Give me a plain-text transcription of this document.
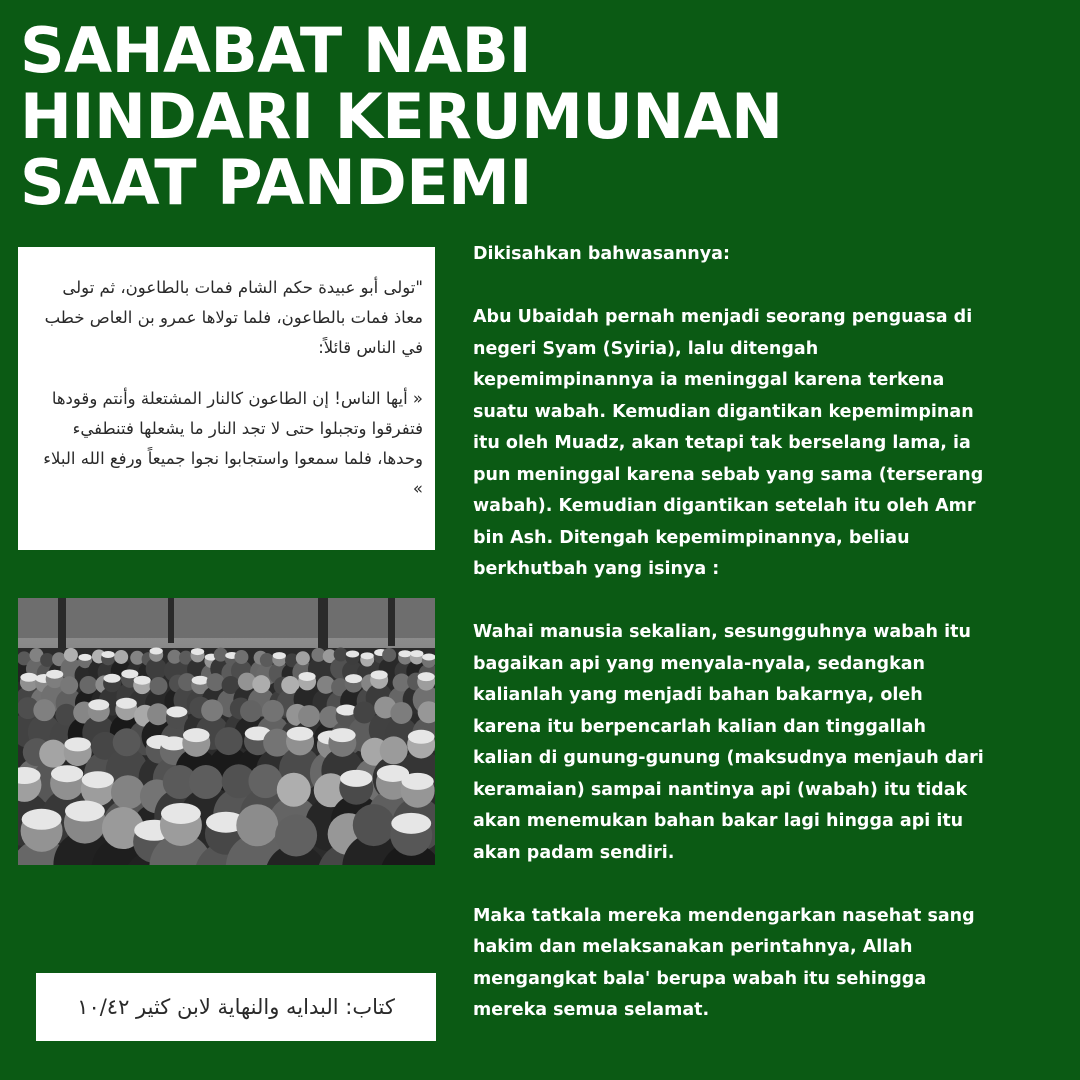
SAHABAT NABI
HINDARI KERUMUNAN
SAAT PANDEMI

"تولى أبو عبيدة حكم الشام فمات بالطاعون، ثم تولى معاذ فمات بالطاعون، فلما تولاها عمرو بن العاص خطب في الناس قائلاً:

« أيها الناس! إن الطاعون كالنار المشتعلة وأنتم وقودها فتفرقوا وتجبلوا حتى لا تجد النار ما يشعلها فتنطفيء وحدها، فلما سمعوا واستجابوا نجوا جميعاً ورفع الله البلاء »

كتاب: البدايه والنهاية لابن كثير ١٠/٤٢

Dikisahkan bahwasannya:

Abu Ubaidah pernah menjadi seorang penguasa di
negeri Syam (Syiria), lalu ditengah
kepemimpinannya ia meninggal karena terkena
suatu wabah. Kemudian digantikan kepemimpinan
itu oleh Muadz, akan tetapi tak berselang lama, ia
pun meninggal karena sebab yang sama (terserang
wabah). Kemudian digantikan setelah itu oleh Amr
bin Ash. Ditengah kepemimpinannya, beliau
berkhutbah yang isinya :

Wahai manusia sekalian, sesungguhnya wabah itu
bagaikan api yang menyala-nyala, sedangkan
kalianlah yang menjadi bahan bakarnya, oleh
karena itu berpencarlah kalian dan tinggallah
kalian di gunung-gunung (maksudnya menjauh dari
keramaian) sampai nantinya api (wabah) itu tidak
akan menemukan bahan bakar lagi hingga api itu
akan padam sendiri.

Maka tatkala mereka mendengarkan nasehat sang
hakim dan melaksanakan perintahnya, Allah
mengangkat bala' berupa wabah itu sehingga
mereka semua selamat.
